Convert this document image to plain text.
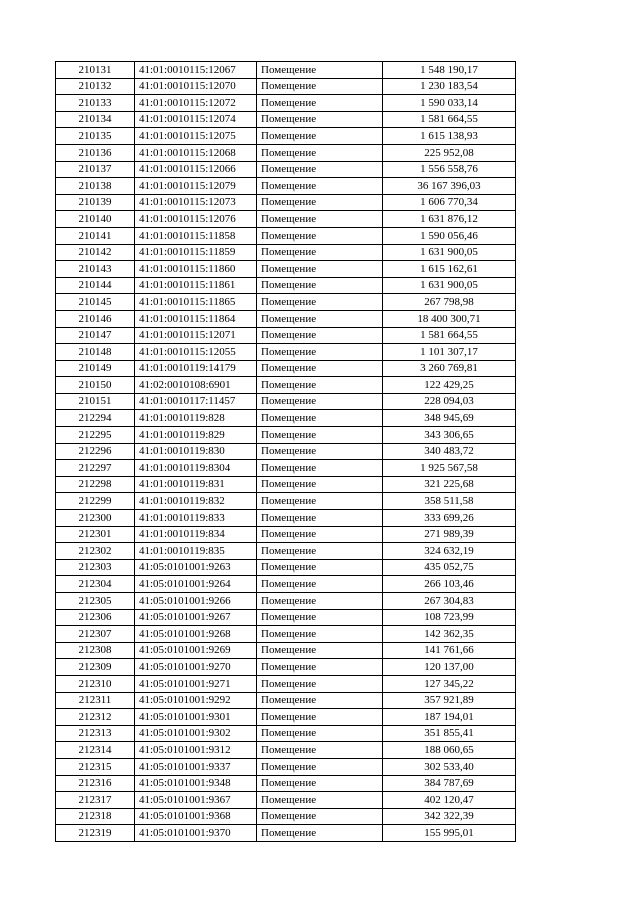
210131	41:01:0010115:12067	Помещение	1 548 190,17
210132	41:01:0010115:12070	Помещение	1 230 183,54
210133	41:01:0010115:12072	Помещение	1 590 033,14
210134	41:01:0010115:12074	Помещение	1 581 664,55
210135	41:01:0010115:12075	Помещение	1 615 138,93
210136	41:01:0010115:12068	Помещение	225 952,08
210137	41:01:0010115:12066	Помещение	1 556 558,76
210138	41:01:0010115:12079	Помещение	36 167 396,03
210139	41:01:0010115:12073	Помещение	1 606 770,34
210140	41:01:0010115:12076	Помещение	1 631 876,12
210141	41:01:0010115:11858	Помещение	1 590 056,46
210142	41:01:0010115:11859	Помещение	1 631 900,05
210143	41:01:0010115:11860	Помещение	1 615 162,61
210144	41:01:0010115:11861	Помещение	1 631 900,05
210145	41:01:0010115:11865	Помещение	267 798,98
210146	41:01:0010115:11864	Помещение	18 400 300,71
210147	41:01:0010115:12071	Помещение	1 581 664,55
210148	41:01:0010115:12055	Помещение	1 101 307,17
210149	41:01:0010119:14179	Помещение	3 260 769,81
210150	41:02:0010108:6901	Помещение	122 429,25
210151	41:01:0010117:11457	Помещение	228 094,03
212294	41:01:0010119:828	Помещение	348 945,69
212295	41:01:0010119:829	Помещение	343 306,65
212296	41:01:0010119:830	Помещение	340 483,72
212297	41:01:0010119:8304	Помещение	1 925 567,58
212298	41:01:0010119:831	Помещение	321 225,68
212299	41:01:0010119:832	Помещение	358 511,58
212300	41:01:0010119:833	Помещение	333 699,26
212301	41:01:0010119:834	Помещение	271 989,39
212302	41:01:0010119:835	Помещение	324 632,19
212303	41:05:0101001:9263	Помещение	435 052,75
212304	41:05:0101001:9264	Помещение	266 103,46
212305	41:05:0101001:9266	Помещение	267 304,83
212306	41:05:0101001:9267	Помещение	108 723,99
212307	41:05:0101001:9268	Помещение	142 362,35
212308	41:05:0101001:9269	Помещение	141 761,66
212309	41:05:0101001:9270	Помещение	120 137,00
212310	41:05:0101001:9271	Помещение	127 345,22
212311	41:05:0101001:9292	Помещение	357 921,89
212312	41:05:0101001:9301	Помещение	187 194,01
212313	41:05:0101001:9302	Помещение	351 855,41
212314	41:05:0101001:9312	Помещение	188 060,65
212315	41:05:0101001:9337	Помещение	302 533,40
212316	41:05:0101001:9348	Помещение	384 787,69
212317	41:05:0101001:9367	Помещение	402 120,47
212318	41:05:0101001:9368	Помещение	342 322,39
212319	41:05:0101001:9370	Помещение	155 995,01
